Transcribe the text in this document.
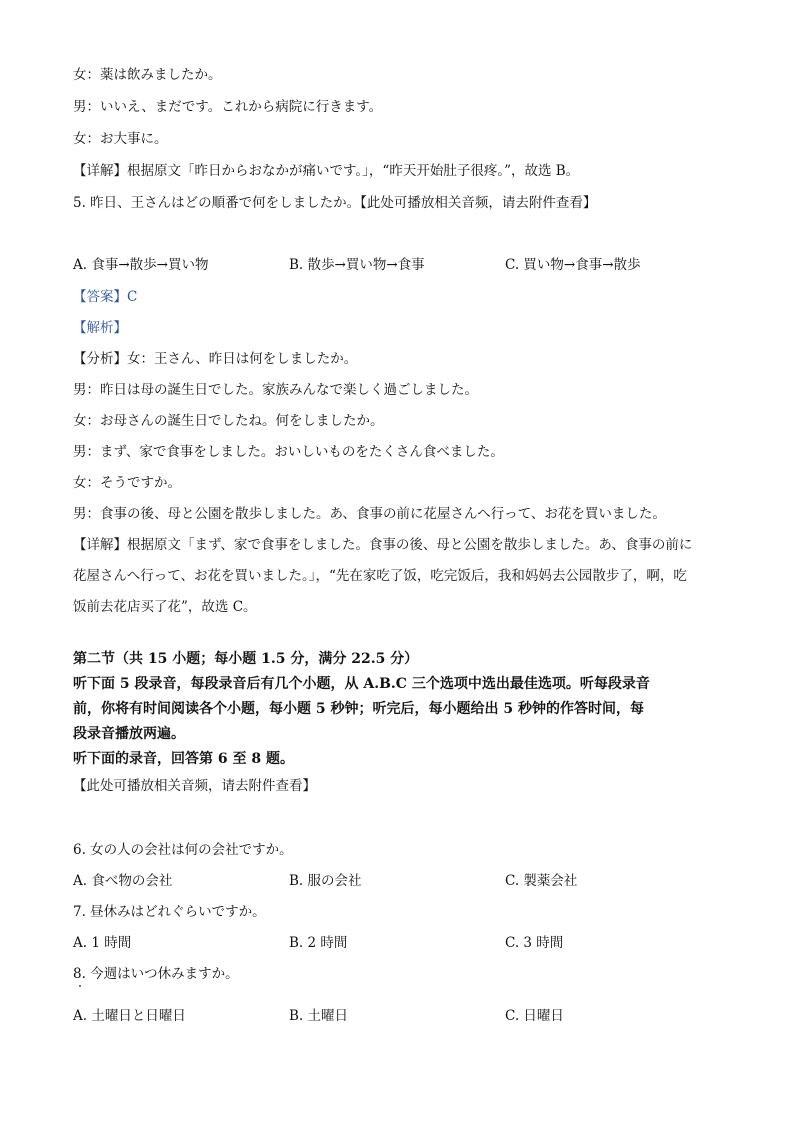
女：薬は飲みましたか。
男：いいえ、まだです。これから病院に行きます。
女：お大事に。
【详解】根据原文「昨日からおなかが痛いです。」，“昨天开始肚子很疼。”，故选 B。
5. 昨日、王さんはどの順番で何をしましたか。【此处可播放相关音频，请去附件查看】
A. 食事→散歩→買い物	B. 散歩→買い物→食事	C. 買い物→食事→散歩
【答案】C
【解析】
【分析】女：王さん、昨日は何をしましたか。
男：昨日は母の誕生日でした。家族みんなで楽しく過ごしました。
女：お母さんの誕生日でしたね。何をしましたか。
男：まず、家で食事をしました。おいしいものをたくさん食べました。
女：そうですか。
男：食事の後、母と公園を散歩しました。あ、食事の前に花屋さんへ行って、お花を買いました。
【详解】根据原文「まず、家で食事をしました。食事の後、母と公園を散歩しました。あ、食事の前に
花屋さんへ行って、お花を買いました。」，“先在家吃了饭，吃完饭后，我和妈妈去公园散步了，啊，吃
饭前去花店买了花”，故选 C。
第二节（共 15 小题；每小题 1.5 分，满分 22.5 分）
听下面 5 段录音，每段录音后有几个小题，从 A.B.C 三个选项中选出最佳选项。听每段录音
前，你将有时间阅读各个小题，每小题 5 秒钟；听完后，每小题给出 5 秒钟的作答时间，每
段录音播放两遍。
听下面的录音，回答第 6 至 8 题。
【此处可播放相关音频，请去附件查看】
6. 女の人の会社は何の会社ですか。
A. 食べ物の会社	B. 服の会社	C. 製薬会社
7. 昼休みはどれぐらいですか。
A. 1 時間	B. 2 時間	C. 3 時間
8. 今週はいつ休みますか。
A. 土曜日と日曜日	B. 土曜日	C. 日曜日
